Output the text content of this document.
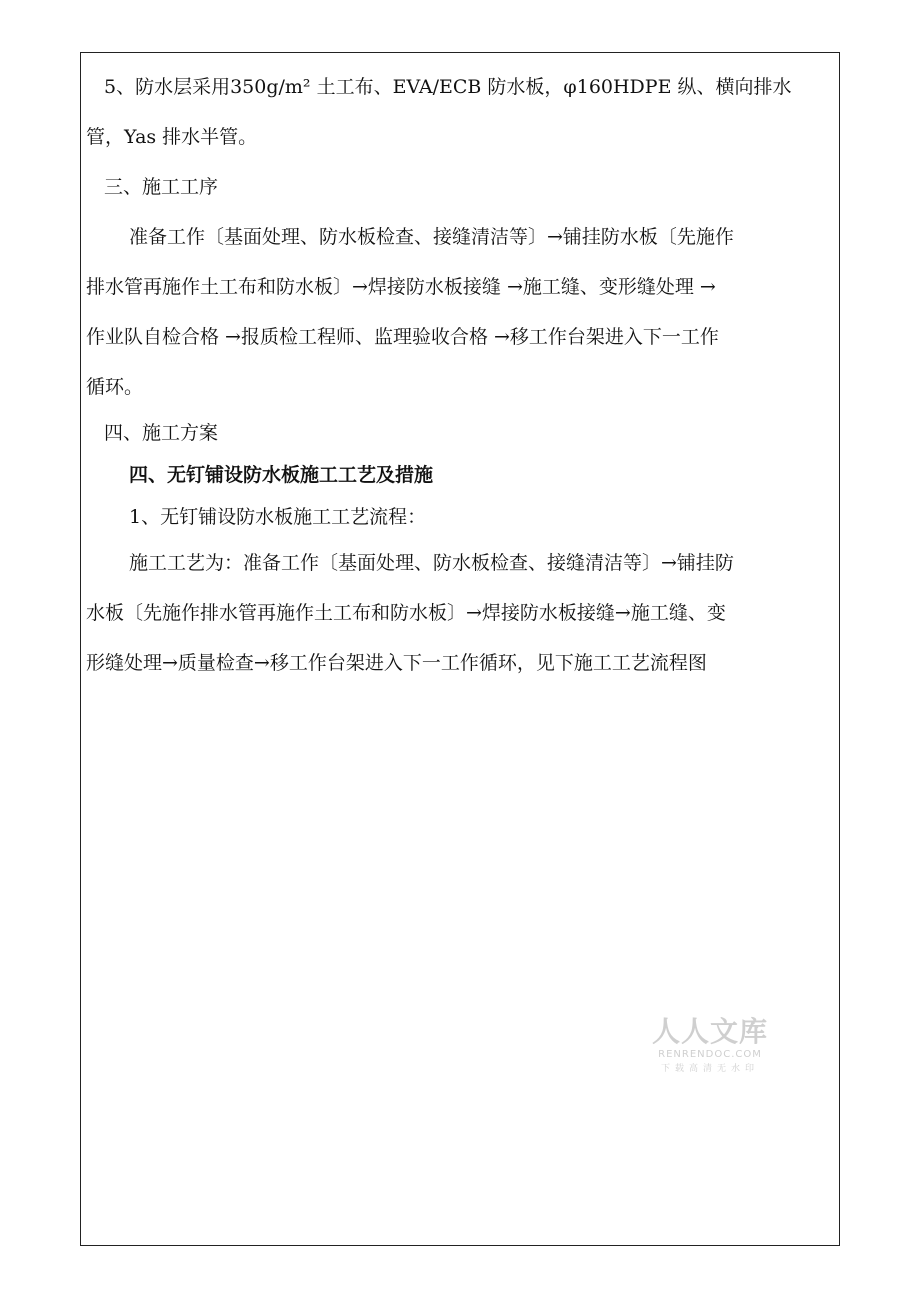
5、防水层采用350g/m² 土工布、EVA/ECB 防水板，φ160HDPE 纵、横向排水

管，Yas 排水半管。

三、施工工序

准备工作〔基面处理、防水板检查、接缝清洁等〕→铺挂防水板〔先施作

排水管再施作土工布和防水板〕→焊接防水板接缝 →施工缝、变形缝处理 →

作业队自检合格 →报质检工程师、监理验收合格 →移工作台架进入下一工作

循环。

四、施工方案

四、无钉铺设防水板施工工艺及措施

1、无钉铺设防水板施工工艺流程：

施工工艺为：准备工作〔基面处理、防水板检查、接缝清洁等〕→铺挂防

水板〔先施作排水管再施作土工布和防水板〕→焊接防水板接缝→施工缝、变

形缝处理→质量检查→移工作台架进入下一工作循环，见下施工工艺流程图

人人文库
RENRENDOC.COM
下载高清无水印
